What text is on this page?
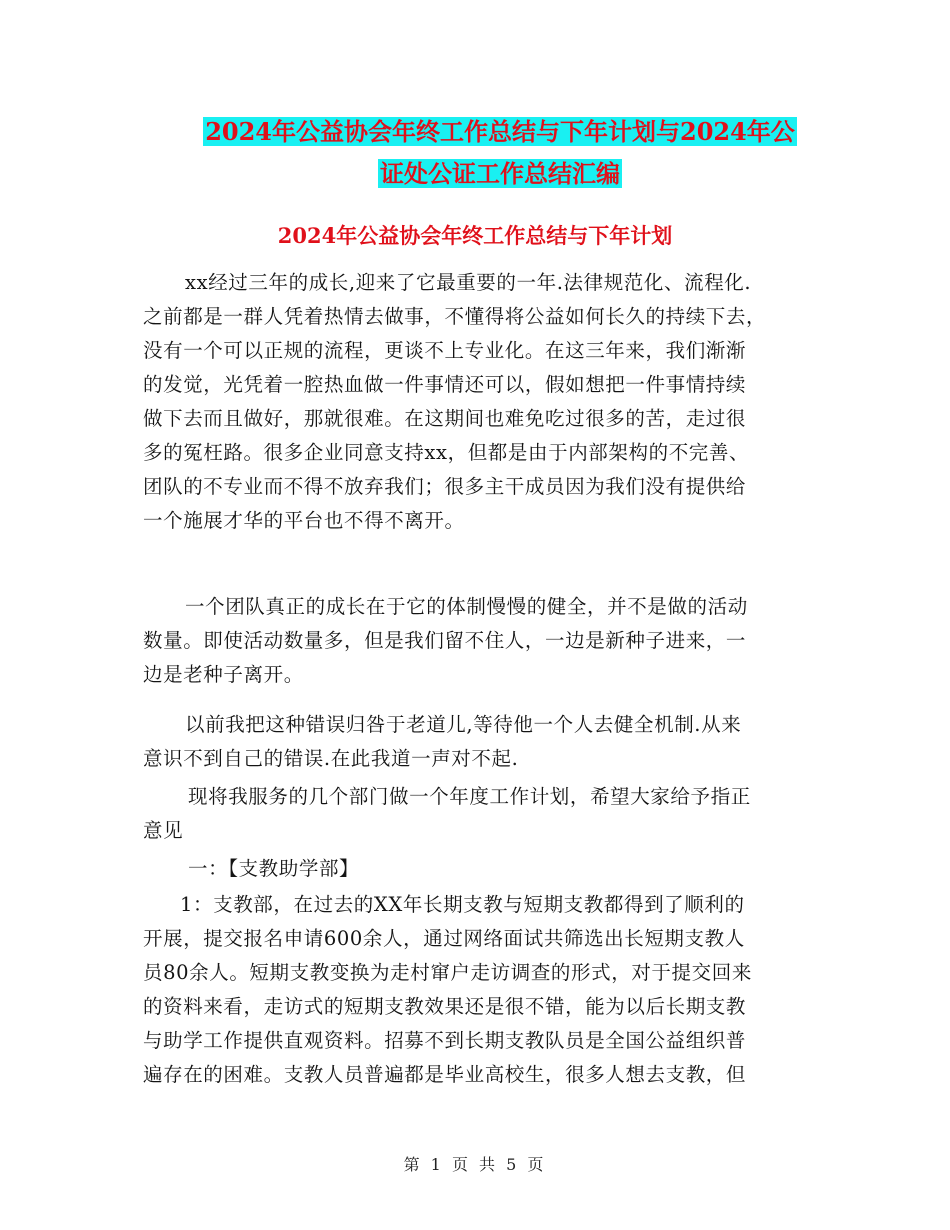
2024年公益协会年终工作总结与下年计划与2024年公
证处公证工作总结汇编
2024年公益协会年终工作总结与下年计划
xx经过三年的成长,迎来了它最重要的一年.法律规范化、流程化.
之前都是一群人凭着热情去做事，不懂得将公益如何长久的持续下去，
没有一个可以正规的流程，更谈不上专业化。在这三年来，我们渐渐
的发觉，光凭着一腔热血做一件事情还可以，假如想把一件事情持续
做下去而且做好，那就很难。在这期间也难免吃过很多的苦，走过很
多的冤枉路。很多企业同意支持xx，但都是由于内部架构的不完善、
团队的不专业而不得不放弃我们；很多主干成员因为我们没有提供给
一个施展才华的平台也不得不离开。
一个团队真正的成长在于它的体制慢慢的健全，并不是做的活动
数量。即使活动数量多，但是我们留不住人，一边是新种子进来，一
边是老种子离开。
以前我把这种错误归咎于老道儿,等待他一个人去健全机制.从来
意识不到自己的错误.在此我道一声对不起.
现将我服务的几个部门做一个年度工作计划，希望大家给予指正
意见
一：【支教助学部】
1：支教部，在过去的XX年长期支教与短期支教都得到了顺利的
开展，提交报名申请600余人，通过网络面试共筛选出长短期支教人
员80余人。短期支教变换为走村窜户走访调查的形式，对于提交回来
的资料来看，走访式的短期支教效果还是很不错，能为以后长期支教
与助学工作提供直观资料。招募不到长期支教队员是全国公益组织普
遍存在的困难。支教人员普遍都是毕业高校生，很多人想去支教，但
第 1 页 共 5 页
